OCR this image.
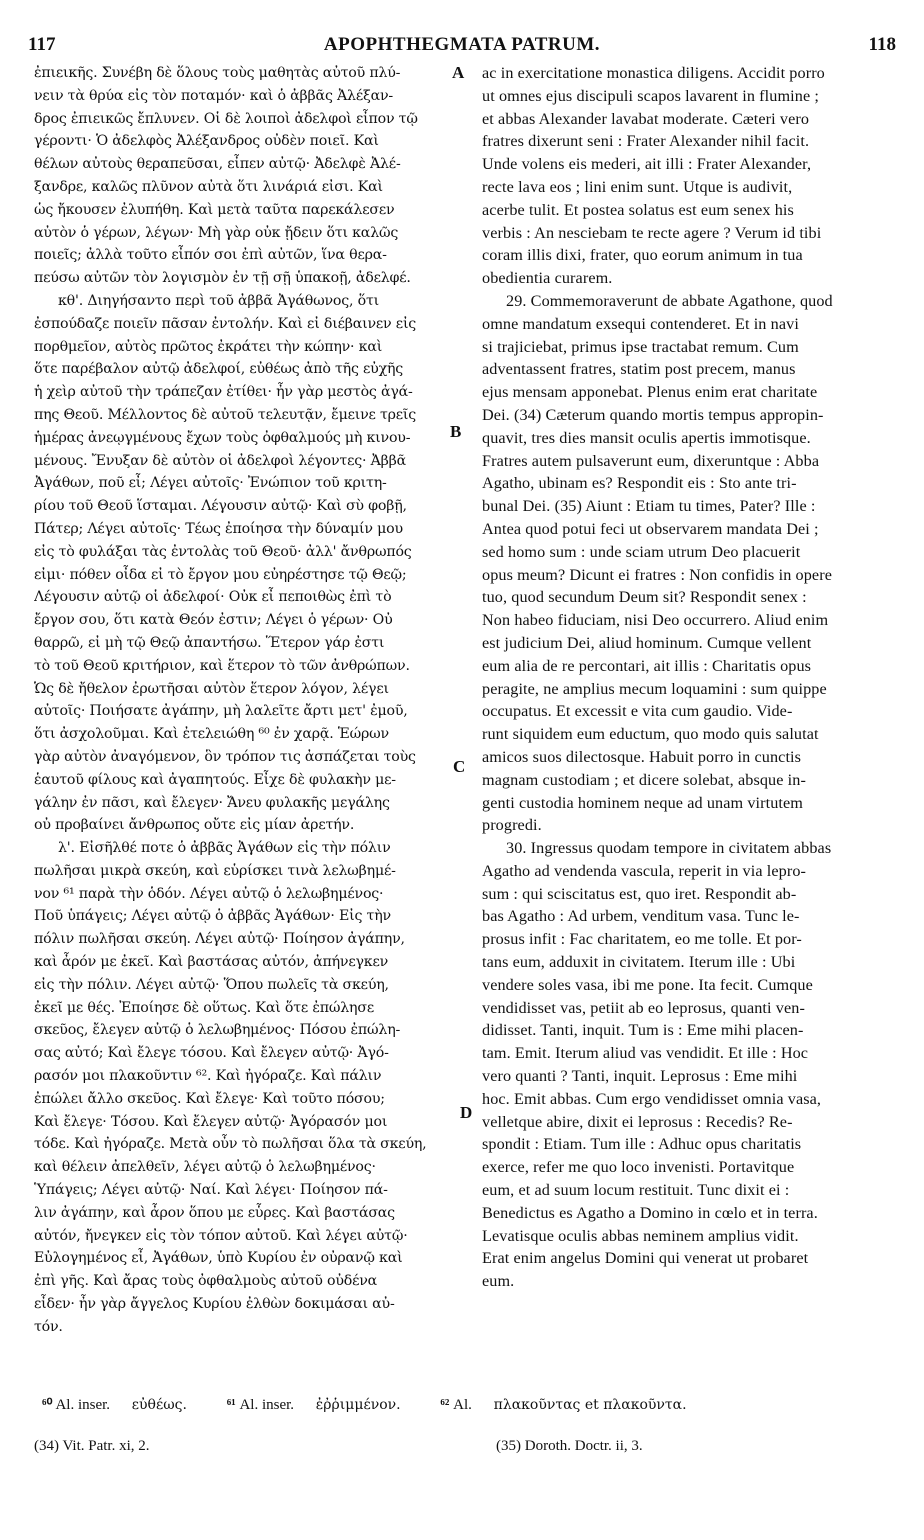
117	APOPHTHEGMATA PATRUM.	118
ἐπιεικῆς. Συνέβη δὲ ὅλους τοὺς μαθητὰς αὐτοῦ πλύ-
νειν τὰ θρύα εἰς τὸν ποταμόν· καὶ ὁ ἀββᾶς Ἀλέξαν-
δρος ἐπιεικῶς ἔπλυνεν. Οἱ δὲ λοιποὶ ἀδελφοὶ εἶπον τῷ
γέροντι· Ὁ ἀδελφὸς Ἀλέξανδρος οὐδὲν ποιεῖ. Καὶ
θέλων αὐτοὺς θεραπεῦσαι, εἶπεν αὐτῷ· Ἀδελφὲ Ἀλέ-
ξανδρε, καλῶς πλῦνον αὐτὰ ὅτι λινάριά εἰσι. Καὶ
ὡς ἤκουσεν ἐλυπήθη. Καὶ μετὰ ταῦτα παρεκάλεσεν
αὐτὸν ὁ γέρων, λέγων· Μὴ γὰρ οὐκ ᾔδειν ὅτι καλῶς
ποιεῖς; ἀλλὰ τοῦτο εἶπόν σοι ἐπὶ αὐτῶν, ἵνα θερα-
πεύσω αὐτῶν τὸν λογισμὸν ἐν τῇ σῇ ὑπακοῇ, ἀδελφέ.
κθ'. Διηγήσαντο περὶ τοῦ ἀββᾶ Ἀγάθωνος, ὅτι
ἐσπούδαζε ποιεῖν πᾶσαν ἐντολήν. Καὶ εἰ διέβαινεν εἰς
πορθμεῖον, αὐτὸς πρῶτος ἐκράτει τὴν κώπην· καὶ
ὅτε παρέβαλον αὐτῷ ἀδελφοί, εὐθέως ἀπὸ τῆς εὐχῆς
ἡ χεὶρ αὐτοῦ τὴν τράπεζαν ἐτίθει· ἦν γὰρ μεστὸς ἀγά-
πης Θεοῦ. Μέλλοντος δὲ αὐτοῦ τελευτᾷν, ἔμεινε τρεῖς
ἡμέρας ἀνεῳγμένους ἔχων τοὺς ὀφθαλμούς μὴ κινου-
μένους. Ἔνυξαν δὲ αὐτὸν οἱ ἀδελφοὶ λέγοντες· Ἀββᾶ
Ἀγάθων, ποῦ εἶ; Λέγει αὐτοῖς· Ἐνώπιον τοῦ κριτη-
ρίου τοῦ Θεοῦ ἵσταμαι. Λέγουσιν αὐτῷ· Καὶ σὺ φοβῇ,
Πάτερ; Λέγει αὐτοῖς· Τέως ἐποίησα τὴν δύναμίν μου
εἰς τὸ φυλάξαι τὰς ἐντολὰς τοῦ Θεοῦ· ἀλλ' ἄνθρωπός
εἰμι· πόθεν οἶδα εἰ τὸ ἔργον μου εὐηρέστησε τῷ Θεῷ;
Λέγουσιν αὐτῷ οἱ ἀδελφοί· Οὐκ εἶ πεποιθὼς ἐπὶ τὸ
ἔργον σου, ὅτι κατὰ Θεόν ἐστιν; Λέγει ὁ γέρων· Οὐ
θαρρῶ, εἰ μὴ τῷ Θεῷ ἀπαντήσω. Ἕτερον γάρ ἐστι
τὸ τοῦ Θεοῦ κριτήριον, καὶ ἕτερον τὸ τῶν ἀνθρώπων.
Ὡς δὲ ἤθελον ἐρωτῆσαι αὐτὸν ἕτερον λόγον, λέγει
αὐτοῖς· Ποιήσατε ἀγάπην, μὴ λαλεῖτε ἄρτι μετ' ἐμοῦ,
ὅτι ἀσχολοῦμαι. Καὶ ἐτελειώθη ⁶⁰ ἐν χαρᾷ. Ἑώρων
γὰρ αὐτὸν ἀναγόμενον, ὃν τρόπον τις ἀσπάζεται τοὺς
ἑαυτοῦ φίλους καὶ ἀγαπητούς. Εἶχε δὲ φυλακὴν με-
γάλην ἐν πᾶσι, καὶ ἔλεγεν· Ἄνευ φυλακῆς μεγάλης
οὐ προβαίνει ἄνθρωπος οὔτε εἰς μίαν ἀρετήν.
λ'. Εἰσῆλθέ ποτε ὁ ἀββᾶς Ἀγάθων εἰς τὴν πόλιν
πωλῆσαι μικρὰ σκεύη, καὶ εὑρίσκει τινὰ λελωβημέ-
νον ⁶¹ παρὰ τὴν ὁδόν. Λέγει αὐτῷ ὁ λελωβημένος·
Ποῦ ὑπάγεις; Λέγει αὐτῷ ὁ ἀββᾶς Ἀγάθων· Εἰς τὴν
πόλιν πωλῆσαι σκεύη. Λέγει αὐτῷ· Ποίησον ἀγάπην,
καὶ ἆρόν με ἐκεῖ. Καὶ βαστάσας αὐτόν, ἀπήνεγκεν
εἰς τὴν πόλιν. Λέγει αὐτῷ· Ὅπου πωλεῖς τὰ σκεύη,
ἐκεῖ με θές. Ἐποίησε δὲ οὕτως. Καὶ ὅτε ἐπώλησε
σκεῦος, ἔλεγεν αὐτῷ ὁ λελωβημένος· Πόσου ἐπώλη-
σας αὐτό; Καὶ ἔλεγε τόσου. Καὶ ἔλεγεν αὐτῷ· Ἀγό-
ρασόν μοι πλακοῦντιν ⁶². Καὶ ἠγόραζε. Καὶ πάλιν
ἐπώλει ἄλλο σκεῦος. Καὶ ἔλεγε· Καὶ τοῦτο πόσου;
Καὶ ἔλεγε· Τόσου. Καὶ ἔλεγεν αὐτῷ· Ἀγόρασόν μοι
τόδε. Καὶ ἠγόραζε. Μετὰ οὖν τὸ πωλῆσαι ὅλα τὰ σκεύη,
καὶ θέλειν ἀπελθεῖν, λέγει αὐτῷ ὁ λελωβημένος·
Ὑπάγεις; Λέγει αὐτῷ· Ναί. Καὶ λέγει· Ποίησον πά-
λιν ἀγάπην, καὶ ἆρον ὅπου με εὗρες. Καὶ βαστάσας
αὐτόν, ἤνεγκεν εἰς τὸν τόπον αὐτοῦ. Καὶ λέγει αὐτῷ·
Εὐλογημένος εἶ, Ἀγάθων, ὑπὸ Κυρίου ἐν οὐρανῷ καὶ
ἐπὶ γῆς. Καὶ ἄρας τοὺς ὀφθαλμοὺς αὐτοῦ οὐδένα
εἶδεν· ἦν γὰρ ἄγγελος Κυρίου ἐλθὼν δοκιμάσαι αὐ-
τόν.
ac in exercitatione monastica diligens. Accidit porro
ut omnes ejus discipuli scapos lavarent in flumine ;
et abbas Alexander lavabat moderate. Cæteri vero
fratres dixerunt seni : Frater Alexander nihil facit.
Unde volens eis mederi, ait illi : Frater Alexander,
recte lava eos ; lini enim sunt. Utque is audivit,
acerbe tulit. Et postea solatus est eum senex his
verbis : An nesciebam te recte agere ? Verum id tibi
coram illis dixi, frater, quo eorum animum in tua
obedientia curarem.
29. Commemoraverunt de abbate Agathone, quod
omne mandatum exsequi contenderet. Et in navi
si trajiciebat, primus ipse tractabat remum. Cum
adventassent fratres, statim post precem, manus
ejus mensam apponebat. Plenus enim erat charitate
Dei. (34) Cæterum quando mortis tempus appropin-
quavit, tres dies mansit oculis apertis immotisque.
Fratres autem pulsaverunt eum, dixeruntque : Abba
Agatho, ubinam es? Respondit eis : Sto ante tri-
bunal Dei. (35) Aiunt : Etiam tu times, Pater? Ille :
Antea quod potui feci ut observarem mandata Dei ;
sed homo sum : unde sciam utrum Deo placuerit
opus meum? Dicunt ei fratres : Non confidis in opere
tuo, quod secundum Deum sit? Respondit senex :
Non habeo fiduciam, nisi Deo occurrero. Aliud enim
est judicium Dei, aliud hominum. Cumque vellent
eum alia de re percontari, ait illis : Charitatis opus
peragite, ne amplius mecum loquamini : sum quippe
occupatus. Et excessit e vita cum gaudio. Vide-
runt siquidem eum eductum, quo modo quis salutat
amicos suos dilectosque. Habuit porro in cunctis
magnam custodiam ; et dicere solebat, absque in-
genti custodia hominem neque ad unam virtutem
progredi.
30. Ingressus quodam tempore in civitatem abbas
Agatho ad vendenda vascula, reperit in via lepro-
sum : qui sciscitatus est, quo iret. Respondit ab-
bas Agatho : Ad urbem, venditum vasa. Tunc le-
prosus infit : Fac charitatem, eo me tolle. Et por-
tans eum, adduxit in civitatem. Iterum ille : Ubi
vendere soles vasa, ibi me pone. Ita fecit. Cumque
vendidisset vas, petiit ab eo leprosus, quanti ven-
didisset. Tanti, inquit. Tum is : Eme mihi placen-
tam. Emit. Iterum aliud vas vendidit. Et ille : Hoc
vero quanti ? Tanti, inquit. Leprosus : Eme mihi
hoc. Emit abbas. Cum ergo vendidisset omnia vasa,
velletque abire, dixit ei leprosus : Recedis? Re-
spondit : Etiam. Tum ille : Adhuc opus charitatis
exerce, refer me quo loco invenisti. Portavitque
eum, et ad suum locum restituit. Tunc dixit ei :
Benedictus es Agatho a Domino in cœlo et in terra.
Levatisque oculis abbas neminem amplius vidit.
Erat enim angelus Domini qui venerat ut probaret
eum.
A
B
C
D
⁶⁰ Al. inser. εὐθέως.	⁶¹ Al. inser. ἐῤῥιμμένον.	⁶² Al. πλακοῦντας et πλακοῦντα.
(34) Vit. Patr. xi, 2.	(35) Doroth. Doctr. ii, 3.
